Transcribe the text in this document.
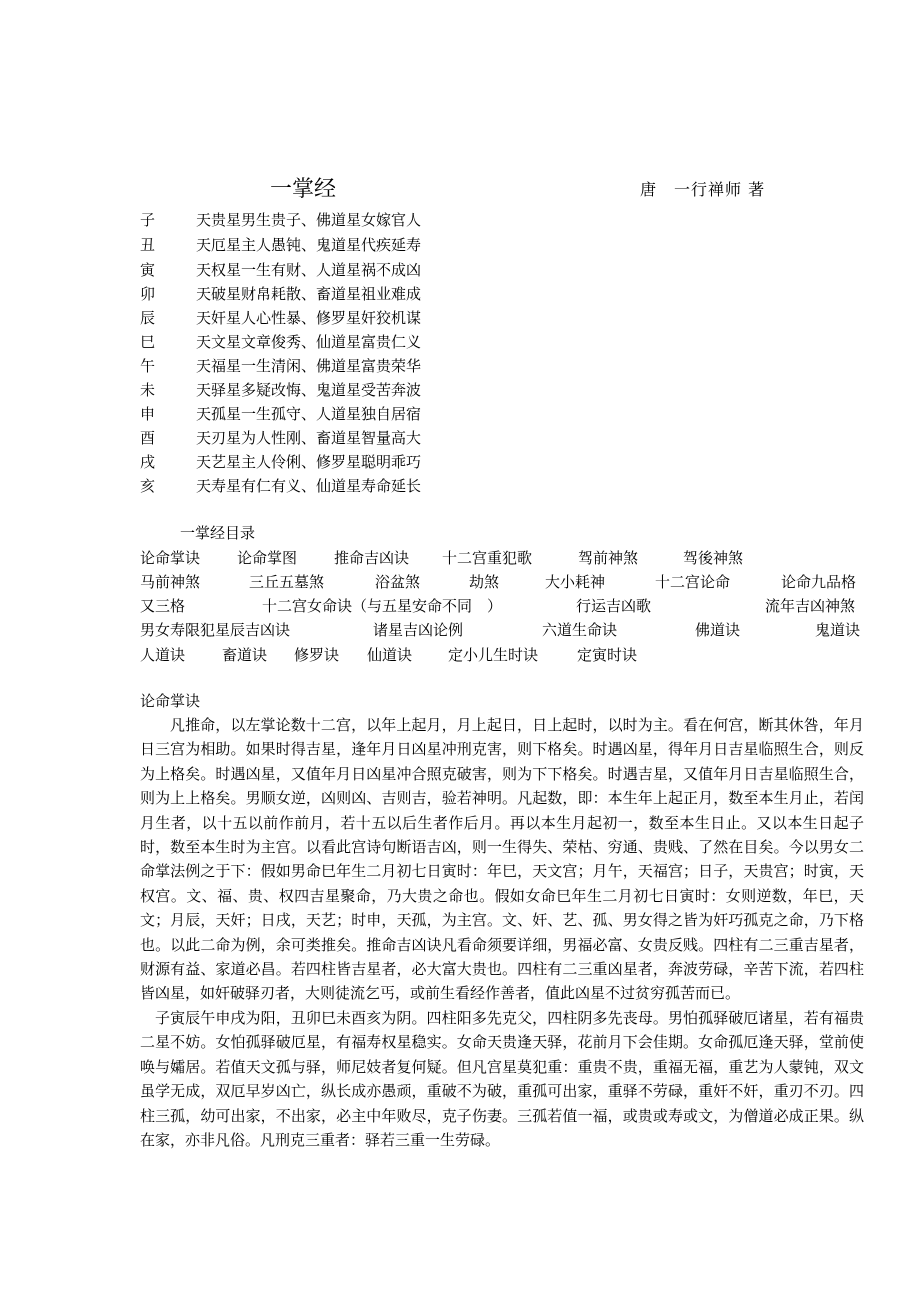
一掌经	唐　一行禅师 著
子	天贵星男生贵子、佛道星女嫁官人
丑	天厄星主人愚钝、鬼道星代疾延寿
寅	天权星一生有财、人道星祸不成凶
卯	天破星财帛耗散、畜道星祖业难成
辰	天奸星人心性暴、修罗星奸狡机谋
巳	天文星文章俊秀、仙道星富贵仁义
午	天福星一生清闲、佛道星富贵荣华
未	天驿星多疑改悔、鬼道星受苦奔波
申	天孤星一生孤守、人道星独自居宿
酉	天刃星为人性刚、畜道星智量高大
戌	天艺星主人伶俐、修罗星聪明乖巧
亥	天寿星有仁有义、仙道星寿命延长
一掌经目录
论命掌诀 论命掌图 推命吉凶诀 十二宫重犯歌	驾前神煞	驾後神煞
马前神煞	三丘五墓煞	浴盆煞	劫煞	大小耗神	十二宫论命	论命九品格
又三格	十二宫女命诀（与五星安命不同　）	行运吉凶歌	流年吉凶神煞
男女寿限犯星辰吉凶诀	诸星吉凶论例	六道生命诀	佛道诀	鬼道诀
人道诀 畜道诀 修罗诀 仙道诀 定小儿生时诀	定寅时诀
论命掌诀

凡推命，以左掌论数十二宫，以年上起月，月上起日，日上起时，以时为主。看在何宫，断其休咎，年月日三宫为相助。如果时得吉星，逢年月日凶星冲刑克害，则下格矣。时遇凶星，得年月日吉星临照生合，则反为上格矣。时遇凶星，又值年月日凶星冲合照克破害，则为下下格矣。时遇吉星，又值年月日吉星临照生合，则为上上格矣。男顺女逆，凶则凶、吉则吉，验若神明。凡起数，即：本生年上起正月，数至本生月止，若闰月生者，以十五以前作前月，若十五以后生者作后月。再以本生月起初一，数至本生日止。又以本生日起子时，数至本生时为主宫。以看此宫诗句断语吉凶，则一生得失、荣枯、穷通、贵贱、了然在目矣。今以男女二命掌法例之于下：假如男命巳年生二月初七日寅时：年巳，天文宫；月午，天福宫；日子，天贵宫；时寅，天权宫。文、福、贵、权四吉星聚命，乃大贵之命也。假如女命巳年生二月初七日寅时：女则逆数，年巳，天文；月辰，天奸；日戌，天艺；时申，天孤，为主宫。文、奸、艺、孤、男女得之皆为奸巧孤克之命，乃下格也。以此二命为例，余可类推矣。推命吉凶诀凡看命须要详细，男福必富、女贵反贱。四柱有二三重吉星者，财源有益、家道必昌。若四柱皆吉星者，必大富大贵也。四柱有二三重凶星者，奔波劳碌，辛苦下流，若四柱皆凶星，如奸破驿刃者，大则徒流乞丐，或前生看经作善者，值此凶星不过贫穷孤苦而已。

子寅辰午申戌为阳，丑卯巳未酉亥为阴。四柱阳多先克父，四柱阴多先丧母。男怕孤驿破厄诸星，若有福贵二星不妨。女怕孤驿破厄星，有福寿权星稳实。女命天贵逢天驿，花前月下会佳期。女命孤厄逢天驿，堂前使唤与孀居。若值天文孤与驿，师尼妓者复何疑。但凡宫星莫犯重：重贵不贵，重福无福，重艺为人蒙钝，双文虽学无成，双厄早岁凶亡，纵长成亦愚顽，重破不为破，重孤可出家，重驿不劳碌，重奸不奸，重刃不刃。四柱三孤，幼可出家，不出家，必主中年败尽，克子伤妻。三孤若值一福，或贵或寿或文，为僧道必成正果。纵在家，亦非凡俗。凡刑克三重者：驿若三重一生劳碌。
